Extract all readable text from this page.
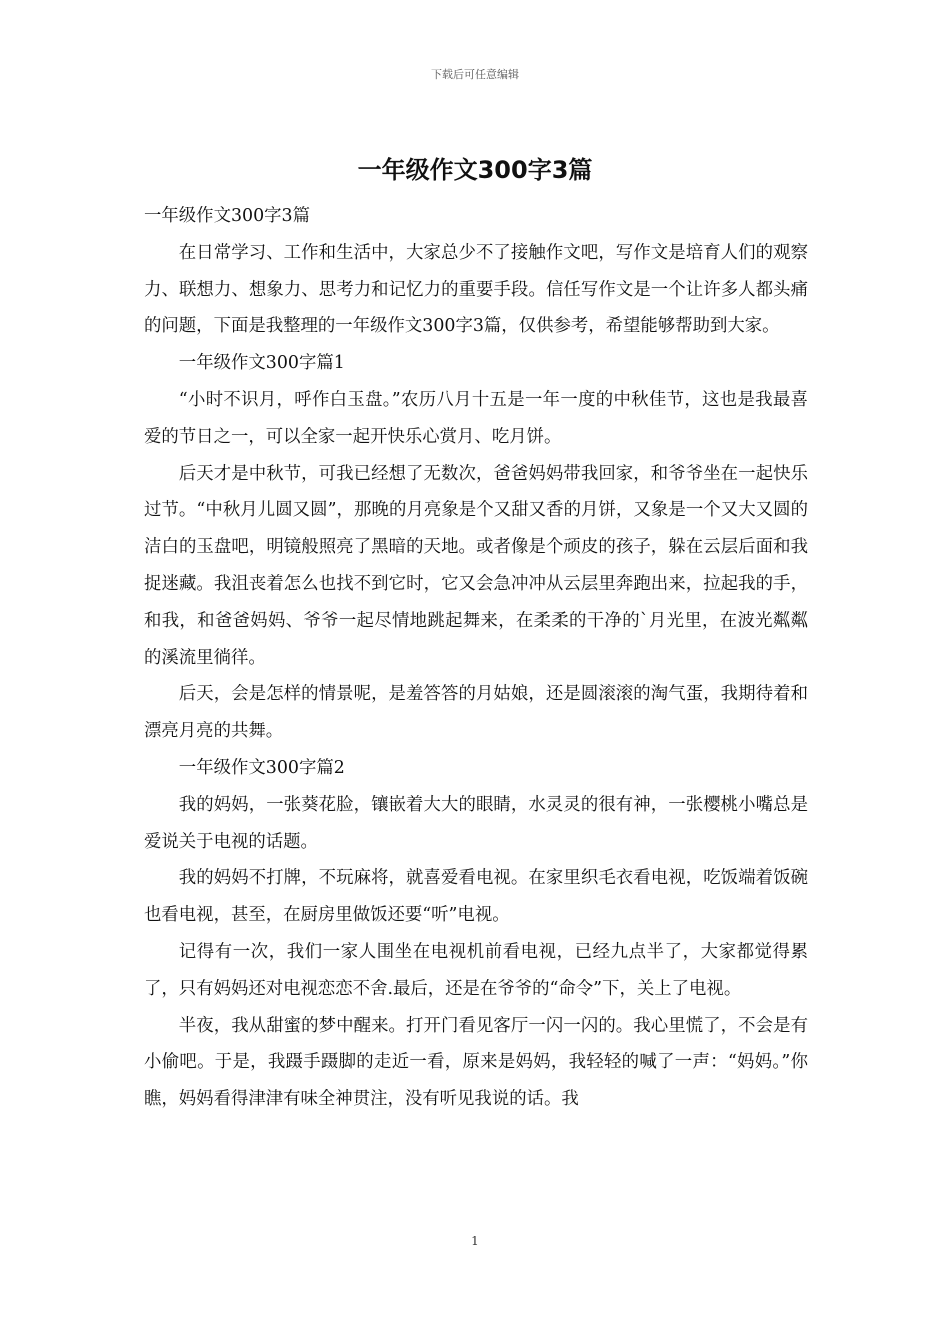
下载后可任意编辑
一年级作文300字3篇

一年级作文300字3篇

在日常学习、工作和生活中，大家总少不了接触作文吧，写作文是培育人们的观察力、联想力、想象力、思考力和记忆力的重要手段。信任写作文是一个让许多人都头痛的问题，下面是我整理的一年级作文300字3篇，仅供参考，希望能够帮助到大家。

一年级作文300字篇1

“小时不识月，呼作白玉盘。”农历八月十五是一年一度的中秋佳节，这也是我最喜爱的节日之一，可以全家一起开快乐心赏月、吃月饼。

后天才是中秋节，可我已经想了无数次，爸爸妈妈带我回家，和爷爷坐在一起快乐过节。“中秋月儿圆又圆”，那晚的月亮象是个又甜又香的月饼，又象是一个又大又圆的洁白的玉盘吧，明镜般照亮了黑暗的天地。或者像是个顽皮的孩子，躲在云层后面和我捉迷藏。我沮丧着怎么也找不到它时，它又会急冲冲从云层里奔跑出来，拉起我的手，和我，和爸爸妈妈、爷爷一起尽情地跳起舞来，在柔柔的干净的`月光里，在波光粼粼的溪流里徜徉。

后天，会是怎样的情景呢，是羞答答的月姑娘，还是圆滚滚的淘气蛋，我期待着和漂亮月亮的共舞。

一年级作文300字篇2

我的妈妈，一张葵花脸，镶嵌着大大的眼睛，水灵灵的很有神，一张樱桃小嘴总是爱说关于电视的话题。

我的妈妈不打牌，不玩麻将，就喜爱看电视。在家里织毛衣看电视，吃饭端着饭碗也看电视，甚至，在厨房里做饭还要“听”电视。

记得有一次，我们一家人围坐在电视机前看电视，已经九点半了，大家都觉得累了，只有妈妈还对电视恋恋不舍.最后，还是在爷爷的“命令”下，关上了电视。

半夜，我从甜蜜的梦中醒来。打开门看见客厅一闪一闪的。我心里慌了，不会是有小偷吧。于是，我蹑手蹑脚的走近一看，原来是妈妈，我轻轻的喊了一声：“妈妈。”你瞧，妈妈看得津津有味全神贯注，没有听见我说的话。我

1
